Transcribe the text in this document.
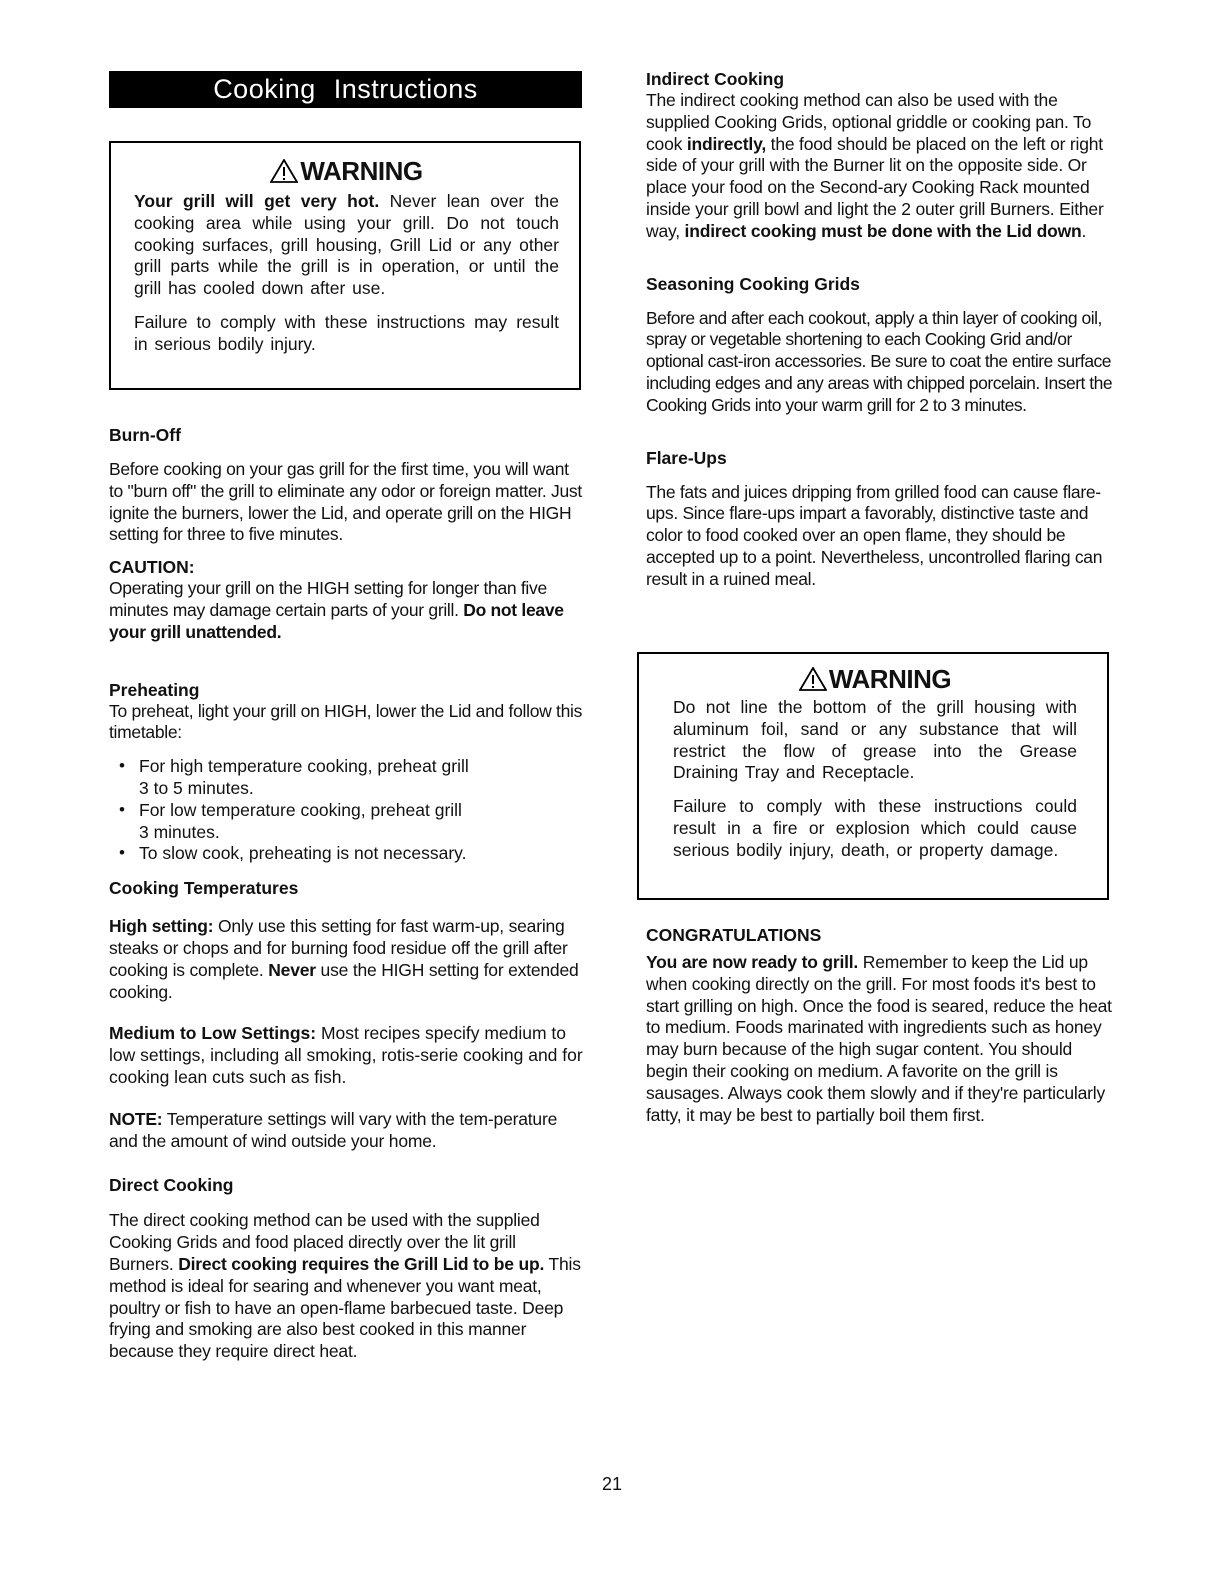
Cooking Instructions
WARNING

Your grill will get very hot. Never lean over the cooking area while using your grill. Do not touch cooking surfaces, grill housing, Grill Lid or any other grill parts while the grill is in operation, or until the grill has cooled down after use.

Failure to comply with these instructions may result in serious bodily injury.

Burn-Off

Before cooking on your gas grill for the first time, you will want to "burn off" the grill to eliminate any odor or foreign matter. Just ignite the burners, lower the Lid, and operate grill on the HIGH setting for three to five minutes.

CAUTION:

Operating your grill on the HIGH setting for longer than five minutes may damage certain parts of your grill. Do not leave your grill unattended.

Preheating

To preheat, light your grill on HIGH, lower the Lid and follow this timetable:

• For high temperature cooking, preheat grill
3 to 5 minutes.
• For low temperature cooking, preheat grill
3 minutes.
• To slow cook, preheating is not necessary.

Cooking Temperatures

High setting: Only use this setting for fast warm-up, searing steaks or chops and for burning food residue off the grill after cooking is complete. Never use the HIGH setting for extended cooking.

Medium to Low Settings: Most recipes specify medium to low settings, including all smoking, rotis-serie cooking and for cooking lean cuts such as fish.

NOTE: Temperature settings will vary with the tem-perature and the amount of wind outside your home.

Direct Cooking

The direct cooking method can be used with the supplied Cooking Grids and food placed directly over the lit grill Burners. Direct cooking requires the Grill Lid to be up. This method is ideal for searing and whenever you want meat, poultry or fish to have an open-flame barbecued taste. Deep frying and smoking are also best cooked in this manner because they require direct heat.

Indirect Cooking

The indirect cooking method can also be used with the supplied Cooking Grids, optional griddle or cooking pan. To cook indirectly, the food should be placed on the left or right side of your grill with the Burner lit on the opposite side. Or place your food on the Second-ary Cooking Rack mounted inside your grill bowl and light the 2 outer grill Burners. Either way, indirect cooking must be done with the Lid down.

Seasoning Cooking Grids

Before and after each cookout, apply a thin layer of cooking oil, spray or vegetable shortening to each Cooking Grid and/or optional cast-iron accessories. Be sure to coat the entire surface including edges and any areas with chipped porcelain. Insert the Cooking Grids into your warm grill for 2 to 3 minutes.

Flare-Ups

The fats and juices dripping from grilled food can cause flare-ups. Since flare-ups impart a favorably, distinctive taste and color to food cooked over an open flame, they should be accepted up to a point. Nevertheless, uncontrolled flaring can result in a ruined meal.

WARNING

Do not line the bottom of the grill housing with aluminum foil, sand or any substance that will restrict the flow of grease into the Grease Draining Tray and Receptacle.

Failure to comply with these instructions could result in a fire or explosion which could cause serious bodily injury, death, or property damage.

CONGRATULATIONS

You are now ready to grill. Remember to keep the Lid up when cooking directly on the grill. For most foods it's best to start grilling on high. Once the food is seared, reduce the heat to medium. Foods marinated with ingredients such as honey may burn because of the high sugar content. You should begin their cooking on medium. A favorite on the grill is sausages. Always cook them slowly and if they're particularly fatty, it may be best to partially boil them first.

21
